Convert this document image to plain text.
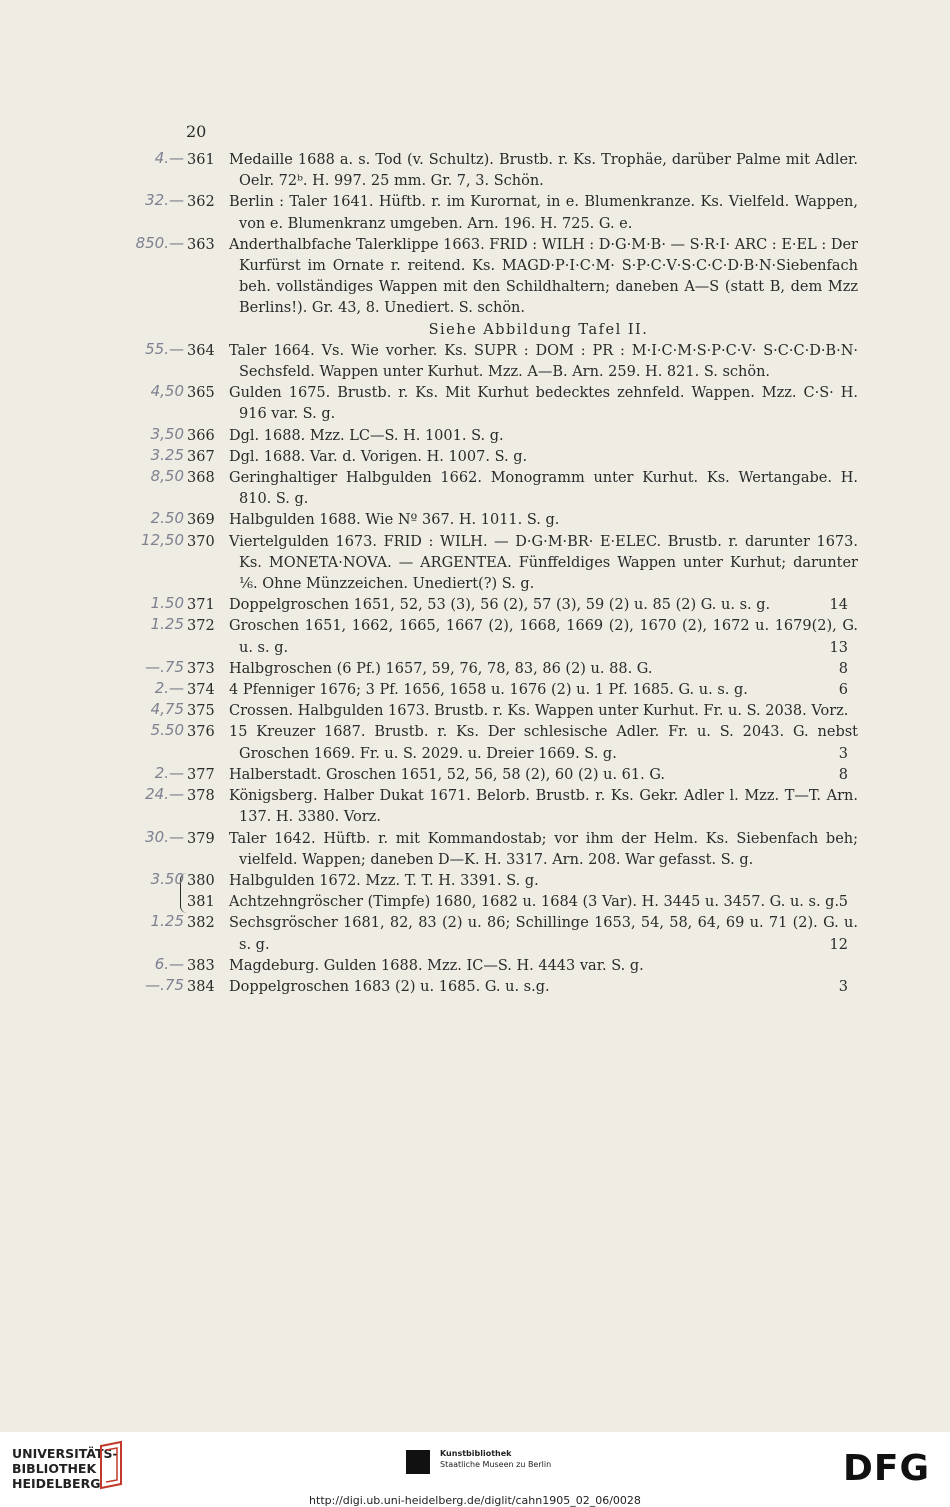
20
4.— 361 Medaille 1688 a. s. Tod (v. Schultz). Brustb. r. Ks. Trophäe, darüber Palme mit Adler. Oelr. 72ᵇ. H. 997. 25 mm. Gr. 7, 3. Schön.
32.— 362 Berlin : Taler 1641. Hüftb. r. im Kurornat, in e. Blumenkranze. Ks. Vielfeld. Wappen, von e. Blumenkranz umgeben. Arn. 196. H. 725. G. e.
850.— 363 Anderthalbfache Talerklippe 1663. FRID : WILH : D·G·M·B· — S·R·I· ARC : E·EL : Der Kurfürst im Ornate r. reitend. Ks. MAGD·P·I·C·M· S·P·C·V·S·C·C·D·B·N·Siebenfach beh. vollständiges Wappen mit den Schildhaltern; daneben A—S (statt B, dem Mzz Berlins!). Gr. 43, 8. Unediert. S. schön.
Siehe Abbildung Tafel II.
55.— 364 Taler 1664. Vs. Wie vorher. Ks. SUPR : DOM : PR : M·I·C·M·S·P·C·V· S·C·C·D·B·N· Sechsfeld. Wappen unter Kurhut. Mzz. A—B. Arn. 259. H. 821. S. schön.
4,50 365 Gulden 1675. Brustb. r. Ks. Mit Kurhut bedecktes zehnfeld. Wappen. Mzz. C·S· H. 916 var. S. g.
3,50 366 Dgl. 1688. Mzz. LC—S. H. 1001. S. g.
3.25 367 Dgl. 1688. Var. d. Vorigen. H. 1007. S. g.
8,50 368 Geringhaltiger Halbgulden 1662. Monogramm unter Kurhut. Ks. Wertangabe. H. 810. S. g.
2.50 369 Halbgulden 1688. Wie Nº 367. H. 1011. S. g.
12,50 370 Viertelgulden 1673. FRID : WILH. — D·G·M·BR· E·ELEC. Brustb. r. darunter 1673. Ks. MONETA·NOVA. — ARGENTEA. Fünffeldiges Wappen unter Kurhut; darunter ⅙. Ohne Münzzeichen. Unediert(?) S. g.
1.50 371 Doppelgroschen 1651, 52, 53 (3), 56 (2), 57 (3), 59 (2) u. 85 (2) G. u. s. g.	14
1.25 372 Groschen 1651, 1662, 1665, 1667 (2), 1668, 1669 (2), 1670 (2), 1672 u. 1679(2), G. u. s. g.	13
—.75 373 Halbgroschen (6 Pf.) 1657, 59, 76, 78, 83, 86 (2) u. 88. G.	8
2.— 374 4 Pfenniger 1676; 3 Pf. 1656, 1658 u. 1676 (2) u. 1 Pf. 1685. G. u. s. g.	6
4,75 375 Crossen. Halbgulden 1673. Brustb. r. Ks. Wappen unter Kurhut. Fr. u. S. 2038. Vorz.
5.50 376 15 Kreuzer 1687. Brustb. r. Ks. Der schlesische Adler. Fr. u. S. 2043. G. nebst Groschen 1669. Fr. u. S. 2029. u. Dreier 1669. S. g.	3
2.— 377 Halberstadt. Groschen 1651, 52, 56, 58 (2), 60 (2) u. 61. G.	8
24.— 378 Königsberg. Halber Dukat 1671. Belorb. Brustb. r. Ks. Gekr. Adler l. Mzz. T—T. Arn. 137. H. 3380. Vorz.
30.— 379 Taler 1642. Hüftb. r. mit Kommandostab; vor ihm der Helm. Ks. Siebenfach beh; vielfeld. Wappen; daneben D—K. H. 3317. Arn. 208. War gefasst. S. g.
3.50 380 Halbgulden 1672. Mzz. T. T. H. 3391. S. g.
381 Achtzehngröscher (Timpfe) 1680, 1682 u. 1684 (3 Var). H. 3445 u. 3457. G. u. s. g. 5
1.25 382 Sechsgröscher 1681, 82, 83 (2) u. 86; Schillinge 1653, 54, 58, 64, 69 u. 71 (2). G. u. s. g.	12
6.— 383 Magdeburg. Gulden 1688. Mzz. IC—S. H. 4443 var. S. g.
—.75 384 Doppelgroschen 1683 (2) u. 1685. G. u. s.g.	3
UNIVERSITÄTS-
BIBLIOTHEK
HEIDELBERG
Kunstbibliothek
Staatliche Museen zu Berlin	DFG
http://digi.ub.uni-heidelberg.de/diglit/cahn1905_02_06/0028
